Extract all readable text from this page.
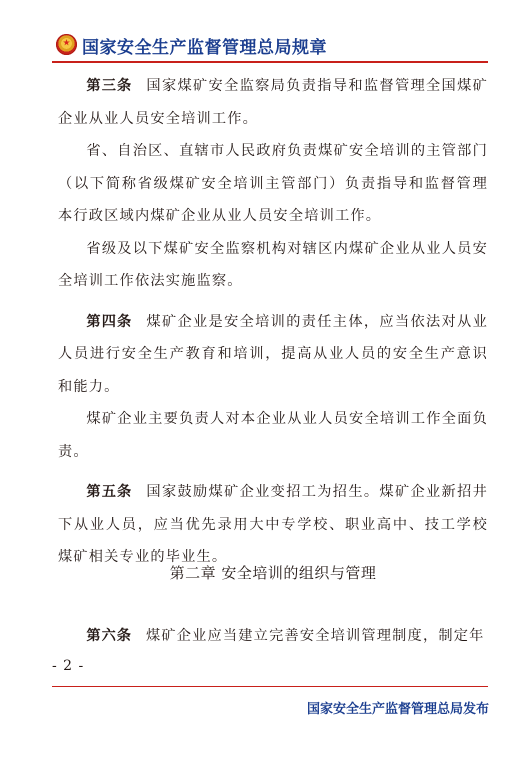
国家安全生产监督管理总局规章

第三条 国家煤矿安全监察局负责指导和监督管理全国煤矿企业从业人员安全培训工作。

省、自治区、直辖市人民政府负责煤矿安全培训的主管部门（以下简称省级煤矿安全培训主管部门）负责指导和监督管理本行政区域内煤矿企业从业人员安全培训工作。

省级及以下煤矿安全监察机构对辖区内煤矿企业从业人员安全培训工作依法实施监察。

第四条 煤矿企业是安全培训的责任主体，应当依法对从业人员进行安全生产教育和培训，提高从业人员的安全生产意识和能力。

煤矿企业主要负责人对本企业从业人员安全培训工作全面负责。

第五条 国家鼓励煤矿企业变招工为招生。煤矿企业新招井下从业人员，应当优先录用大中专学校、职业高中、技工学校煤矿相关专业的毕业生。

第二章 安全培训的组织与管理
第六条 煤矿企业应当建立完善安全培训管理制度，制定年
- 2 -
国家安全生产监督管理总局发布
